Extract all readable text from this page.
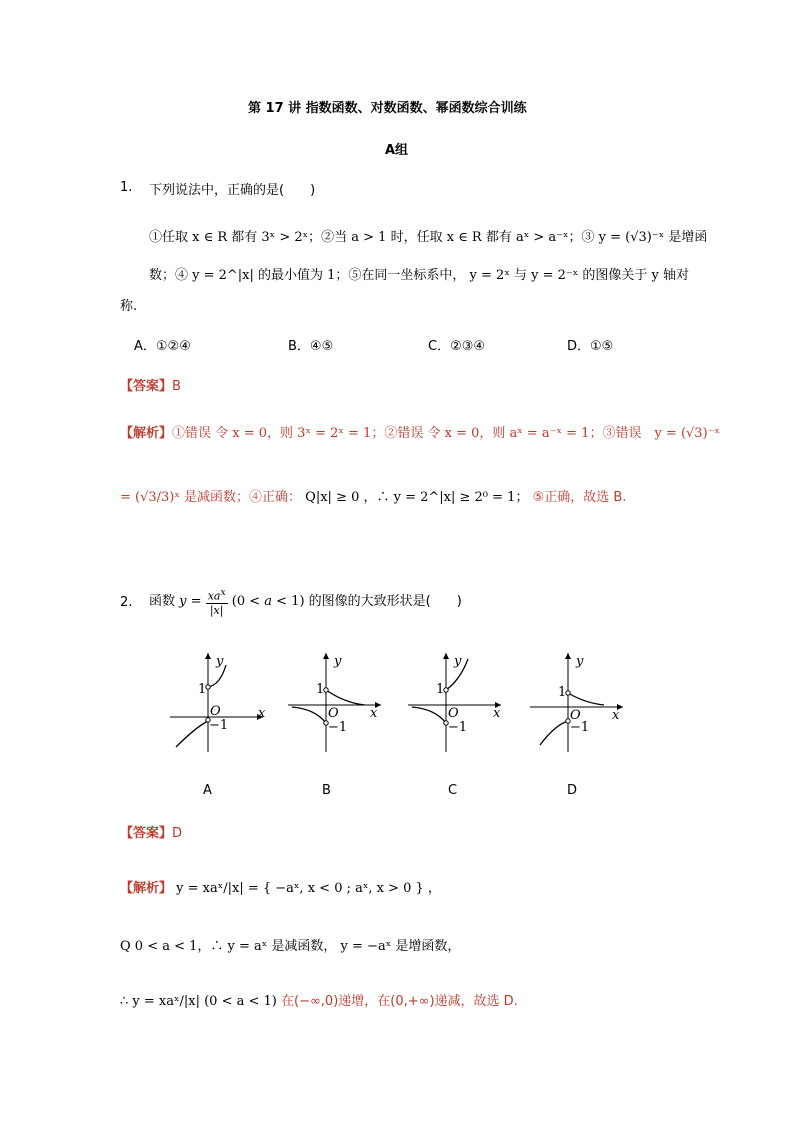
第 17 讲 指数函数、对数函数、幂函数综合训练
A组
1. 下列说法中，正确的是(　　)
①任取 x ∈ R 都有 3ˣ > 2ˣ；②当 a > 1 时，任取 x ∈ R 都有 aˣ > a⁻ˣ；③ y = (√3)⁻ˣ 是增函
数；④ y = 2^|x| 的最小值为 1；⑤在同一坐标系中， y = 2ˣ 与 y = 2⁻ˣ 的图像关于 y 轴对
称.
A．①②④	B．④⑤	C．②③④	D．①⑤
【答案】B
【解析】①错误 令 x = 0，则 3ˣ = 2ˣ = 1；②错误 令 x = 0，则 aˣ = a⁻ˣ = 1；③错误　y = (√3)⁻ˣ
= (√3/3)ˣ 是减函数；④正确： Q|x| ≥ 0 ，∴ y = 2^|x| ≥ 2⁰ = 1； ⑤正确，故选 B.
2. 函数 $y = \frac{xa^x}{|x|} (0 < a < 1)$ 的图像的大致形状是(　　)
y
x
1
O
−1
y
x
1
O
−1
y
x
1
O
−1
y
x
1
O
−1
A	B	C	D
【答案】D
【解析】 y = xaˣ/|x| = { −aˣ, x < 0 ; aˣ, x > 0 } ，
Q 0 < a < 1，∴ y = aˣ 是减函数， y = −aˣ 是增函数，
∴ y = xaˣ/|x| (0 < a < 1) 在(−∞,0)递增，在(0,+∞)递减，故选 D.
